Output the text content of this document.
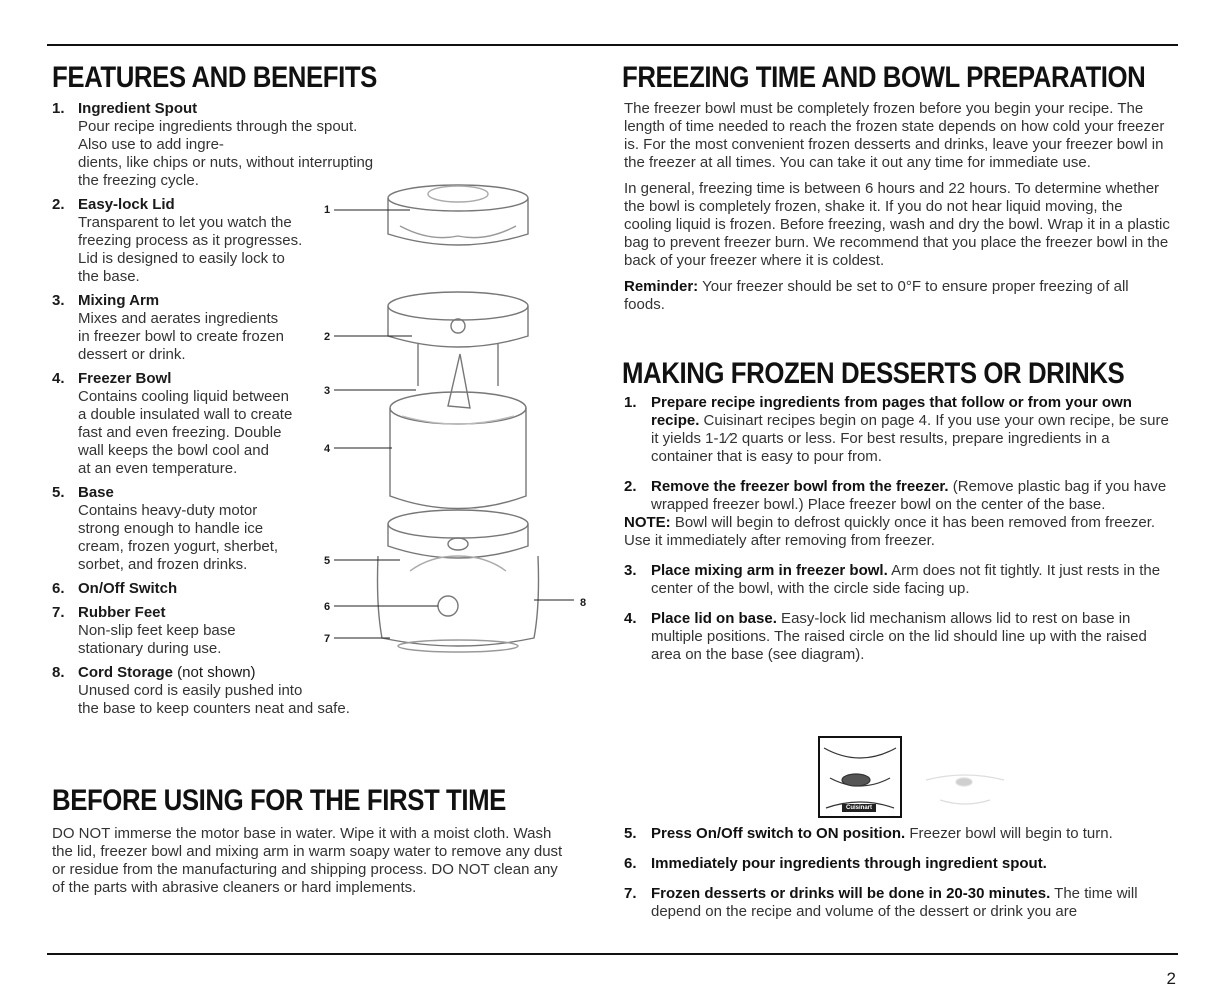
FEATURES AND BENEFITS
1. Ingredient Spout
Pour recipe ingredients through the spout. Also use to add ingre-
dients, like chips or nuts, without interrupting the freezing cycle.
2. Easy-lock Lid
Transparent to let you watch the
freezing process as it progresses.
Lid is designed to easily lock to
the base.
3. Mixing Arm
Mixes and aerates ingredients
in freezer bowl to create frozen
dessert or drink.
4. Freezer Bowl
Contains cooling liquid between
a double insulated wall to create
fast and even freezing. Double
wall keeps the bowl cool and
at an even temperature.
5. Base
Contains heavy-duty motor
strong enough to handle ice
cream, frozen yogurt, sherbet,
sorbet, and frozen drinks.
6. On/Off Switch
7. Rubber Feet
Non-slip feet keep base
stationary during use.
8. Cord Storage (not shown)
Unused cord is easily pushed into
the base to keep counters neat and safe.
1
2
3
4
5
6
7
8
BEFORE USING FOR THE FIRST TIME
DO NOT immerse the motor base in water. Wipe it with a moist cloth. Wash the lid, freezer bowl and mixing arm in warm soapy water to remove any dust or residue from the manufacturing and shipping process. DO NOT clean any of the parts with abrasive cleaners or hard implements.
FREEZING TIME AND BOWL PREPARATION

The freezer bowl must be completely frozen before you begin your recipe. The length of time needed to reach the frozen state depends on how cold your freezer is. For the most convenient frozen desserts and drinks, leave your freezer bowl in the freezer at all times. You can take it out any time for immediate use.

In general, freezing time is between 6 hours and 22 hours. To determine whether the bowl is completely frozen, shake it. If you do not hear liquid moving, the cooling liquid is frozen. Before freezing, wash and dry the bowl. Wrap it in a plastic bag to prevent freezer burn. We recommend that you place the freezer bowl in the back of your freezer where it is coldest.

Reminder: Your freezer should be set to 0°F to ensure proper freezing of all foods.

MAKING FROZEN DESSERTS OR DRINKS
1. Prepare recipe ingredients from pages that follow or from your own recipe. Cuisinart recipes begin on page 4. If you use your own recipe, be sure it yields 1-1⁄2 quarts or less. For best results, prepare ingredients in a container that is easy to pour from.
2. Remove the freezer bowl from the freezer. (Remove plastic bag if you have wrapped freezer bowl.) Place freezer bowl on the center of the base.

NOTE: Bowl will begin to defrost quickly once it has been removed from freezer. Use it immediately after removing from freezer.

3. Place mixing arm in freezer bowl. Arm does not fit tightly. It just rests in the center of the bowl, with the circle side facing up.
4. Place lid on base. Easy-lock lid mechanism allows lid to rest on base in multiple positions. The raised circle on the lid should line up with the raised area on the base (see diagram).
Cuisinart
5. Press On/Off switch to ON position. Freezer bowl will begin to turn.
6. Immediately pour ingredients through ingredient spout.
7. Frozen desserts or drinks will be done in 20-30 minutes. The time will depend on the recipe and volume of the dessert or drink you are
2
